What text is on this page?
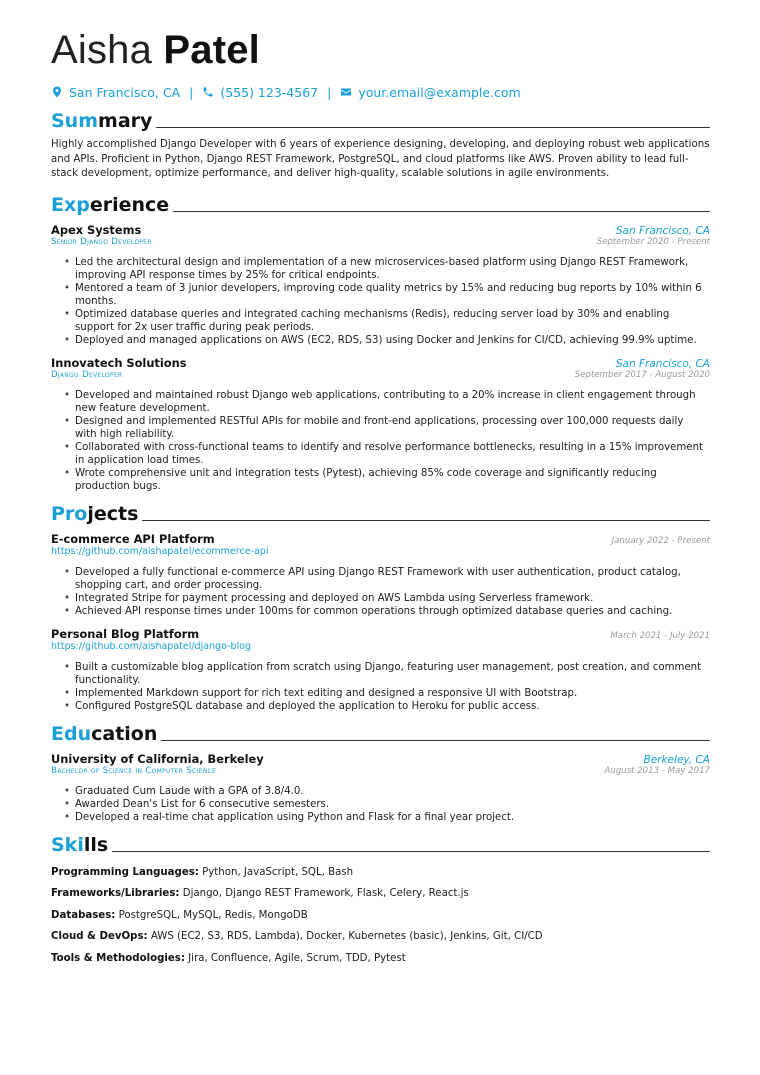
Aisha Patel
San Francisco, CA | (555) 123-4567 | your.email@example.com
Summary

Highly accomplished Django Developer with 6 years of experience designing, developing, and deploying robust web applications and APIs. Proficient in Python, Django REST Framework, PostgreSQL, and cloud platforms like AWS. Proven ability to lead full-stack development, optimize performance, and deliver high-quality, scalable solutions in agile environments.

Experience
Apex Systems	San Francisco, CA
Senior Django Developer	September 2020 - Present
• Led the architectural design and implementation of a new microservices-based platform using Django REST Framework, improving API response times by 25% for critical endpoints.
• Mentored a team of 3 junior developers, improving code quality metrics by 15% and reducing bug reports by 10% within 6 months.
• Optimized database queries and integrated caching mechanisms (Redis), reducing server load by 30% and enabling support for 2x user traffic during peak periods.
• Deployed and managed applications on AWS (EC2, RDS, S3) using Docker and Jenkins for CI/CD, achieving 99.9% uptime.
Innovatech Solutions	San Francisco, CA
Django Developer	September 2017 - August 2020
• Developed and maintained robust Django web applications, contributing to a 20% increase in client engagement through new feature development.
• Designed and implemented RESTful APIs for mobile and front-end applications, processing over 100,000 requests daily with high reliability.
• Collaborated with cross-functional teams to identify and resolve performance bottlenecks, resulting in a 15% improvement in application load times.
• Wrote comprehensive unit and integration tests (Pytest), achieving 85% code coverage and significantly reducing production bugs.
Projects
E-commerce API Platform	January 2022 - Present
https://github.com/aishapatel/ecommerce-api
• Developed a fully functional e-commerce API using Django REST Framework with user authentication, product catalog, shopping cart, and order processing.
• Integrated Stripe for payment processing and deployed on AWS Lambda using Serverless framework.
• Achieved API response times under 100ms for common operations through optimized database queries and caching.
Personal Blog Platform	March 2021 - July 2021
https://github.com/aishapatel/django-blog
• Built a customizable blog application from scratch using Django, featuring user management, post creation, and comment functionality.
• Implemented Markdown support for rich text editing and designed a responsive UI with Bootstrap.
• Configured PostgreSQL database and deployed the application to Heroku for public access.
Education
University of California, Berkeley	Berkeley, CA
Bachelor of Science in Computer Science	August 2013 - May 2017
• Graduated Cum Laude with a GPA of 3.8/4.0.
• Awarded Dean's List for 6 consecutive semesters.
• Developed a real-time chat application using Python and Flask for a final year project.
Skills

Programming Languages: Python, JavaScript, SQL, Bash

Frameworks/Libraries: Django, Django REST Framework, Flask, Celery, React.js

Databases: PostgreSQL, MySQL, Redis, MongoDB

Cloud & DevOps: AWS (EC2, S3, RDS, Lambda), Docker, Kubernetes (basic), Jenkins, Git, CI/CD

Tools & Methodologies: Jira, Confluence, Agile, Scrum, TDD, Pytest
